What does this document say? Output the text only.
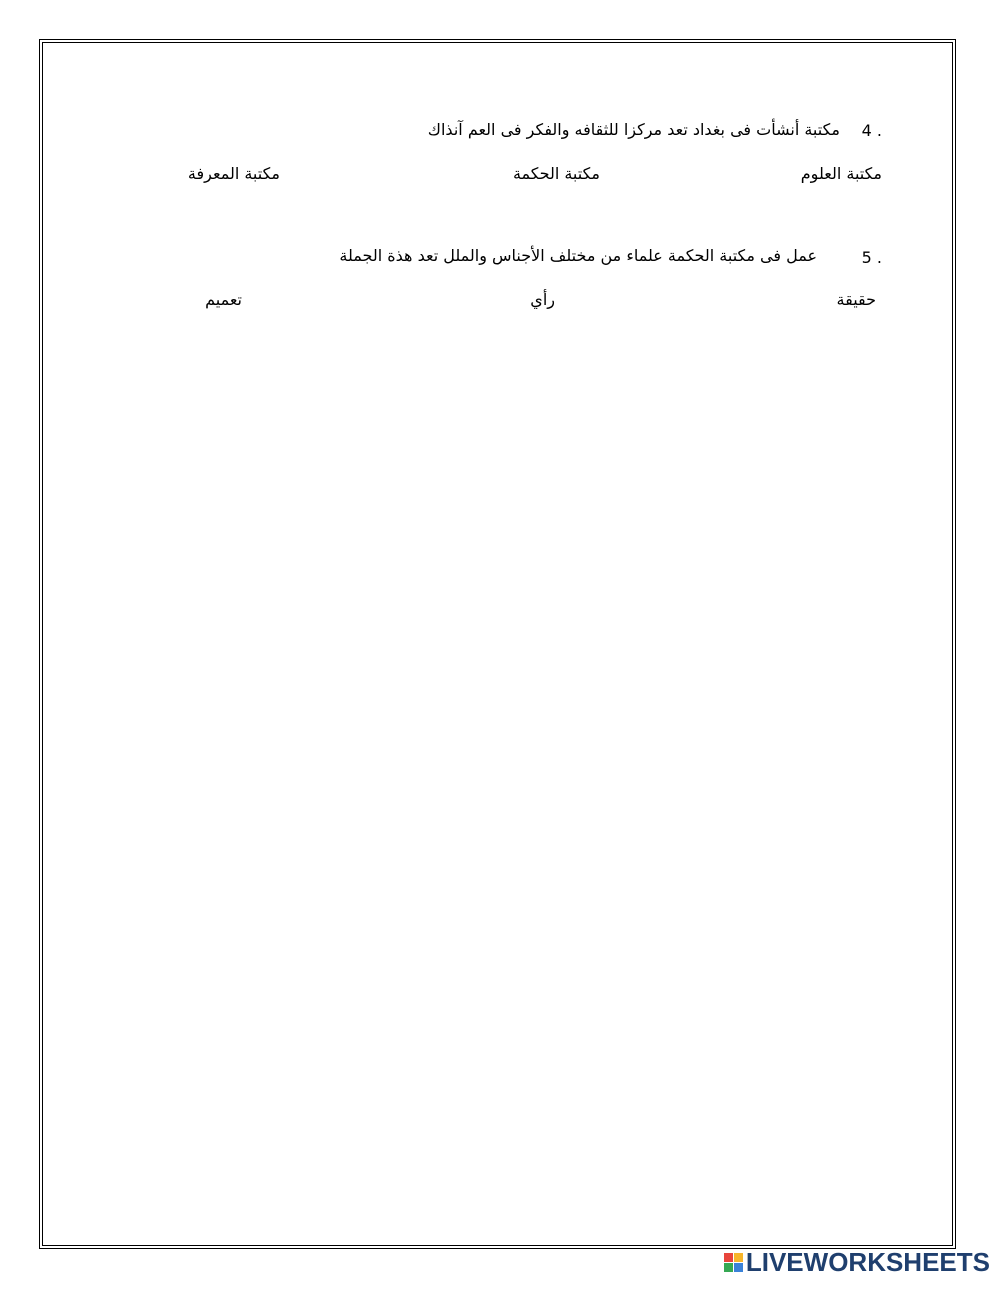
4 .
مكتبة أنشأت فى بغداد تعد مركزا للثقافه والفكر فى العم آنذاك
مكتبة العلوم
مكتبة الحكمة
مكتبة المعرفة
5 .
عمل فى مكتبة الحكمة علماء من مختلف الأجناس والملل تعد هذة الجملة
حقيقة
رأي
تعميم
LIVEWORKSHEETS
